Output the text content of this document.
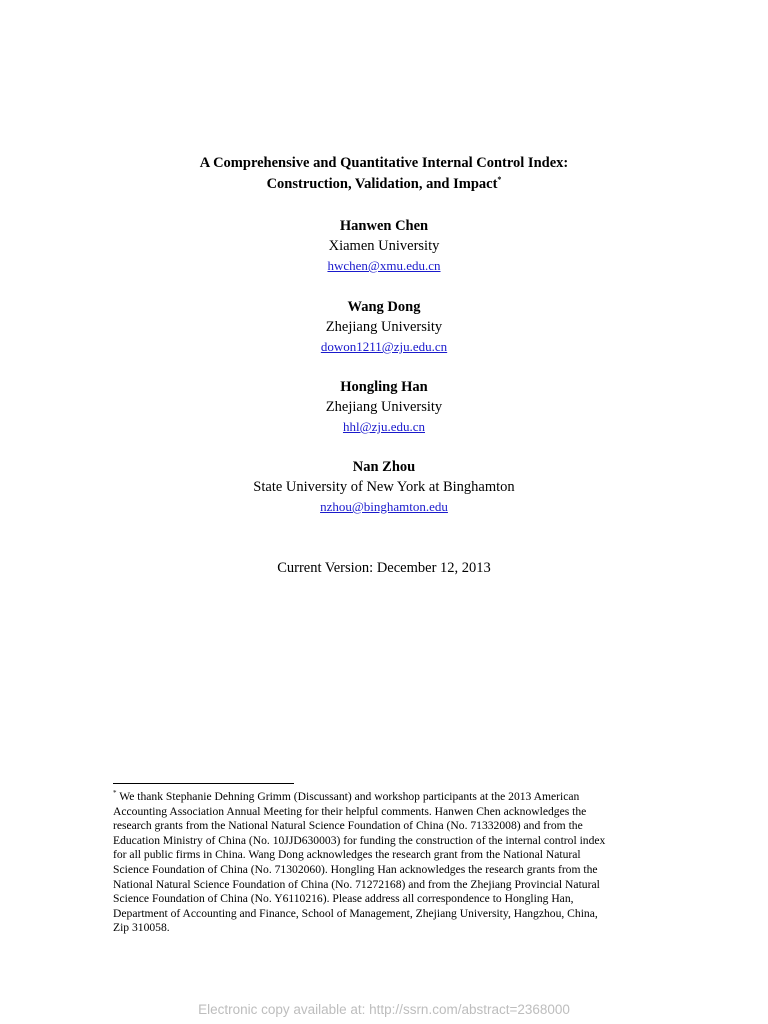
A Comprehensive and Quantitative Internal Control Index:
Construction, Validation, and Impact*
Hanwen Chen
Xiamen University
hwchen@xmu.edu.cn
Wang Dong
Zhejiang University
dowon1211@zju.edu.cn
Hongling Han
Zhejiang University
hhl@zju.edu.cn
Nan Zhou
State University of New York at Binghamton
nzhou@binghamton.edu
Current Version: December 12, 2013
* We thank Stephanie Dehning Grimm (Discussant) and workshop participants at the 2013 American
Accounting Association Annual Meeting for their helpful comments. Hanwen Chen acknowledges the
research grants from the National Natural Science Foundation of China (No. 71332008) and from the
Education Ministry of China (No. 10JJD630003) for funding the construction of the internal control index
for all public firms in China. Wang Dong acknowledges the research grant from the National Natural
Science Foundation of China (No. 71302060). Hongling Han acknowledges the research grants from the
National Natural Science Foundation of China (No. 71272168) and from the Zhejiang Provincial Natural
Science Foundation of China (No. Y6110216). Please address all correspondence to Hongling Han,
Department of Accounting and Finance, School of Management, Zhejiang University, Hangzhou, China,
Zip 310058.
Electronic copy available at: http://ssrn.com/abstract=2368000
